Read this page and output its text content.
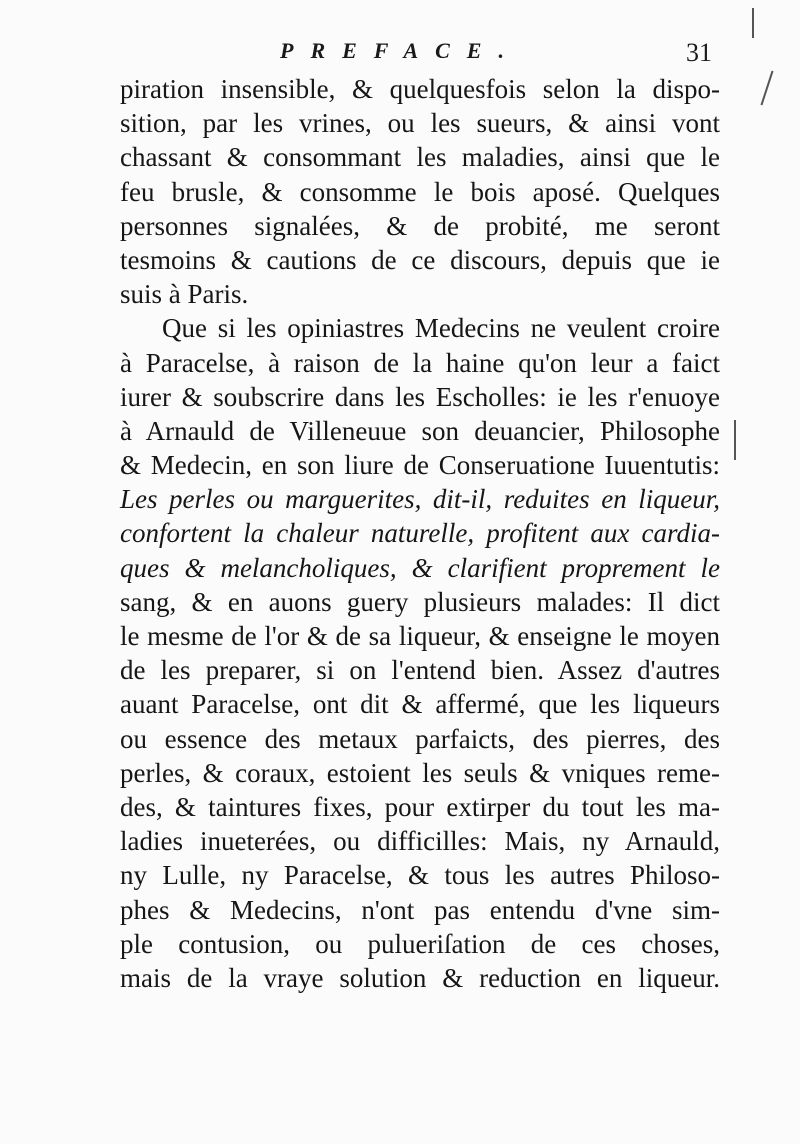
PREFACE.	31
piration insensible, & quelquesfois selon la dispo-
sition, par les vrines, ou les sueurs, & ainsi vont
chassant & consommant les maladies, ainsi que le
feu brusle, & consomme le bois aposé. Quelques
personnes signalées, & de probité, me seront
tesmoins & cautions de ce discours, depuis que ie
suis à Paris.
Que si les opiniastres Medecins ne veulent croire
à Paracelse, à raison de la haine qu'on leur a faict
iurer & soubscrire dans les Escholles: ie les r'enuoye
à Arnauld de Villeneuue son deuancier, Philosophe
& Medecin, en son liure de Conseruatione Iuuentutis:
Les perles ou marguerites, dit-il, reduites en liqueur,
confortent la chaleur naturelle, profitent aux cardia-
ques & melancholiques, & clarifient proprement le
sang, & en auons guery plusieurs malades: Il dict
le mesme de l'or & de sa liqueur, & enseigne le moyen
de les preparer, si on l'entend bien. Assez d'autres
auant Paracelse, ont dit & affermé, que les liqueurs
ou essence des metaux parfaicts, des pierres, des
perles, & coraux, estoient les seuls & vniques reme-
des, & taintures fixes, pour extirper du tout les ma-
ladies inueterées, ou difficilles: Mais, ny Arnauld,
ny Lulle, ny Paracelse, & tous les autres Philoso-
phes & Medecins, n'ont pas entendu d'vne sim-
ple contusion, ou pulueriſation de ces choses,
mais de la vraye solution & reduction en liqueur.
